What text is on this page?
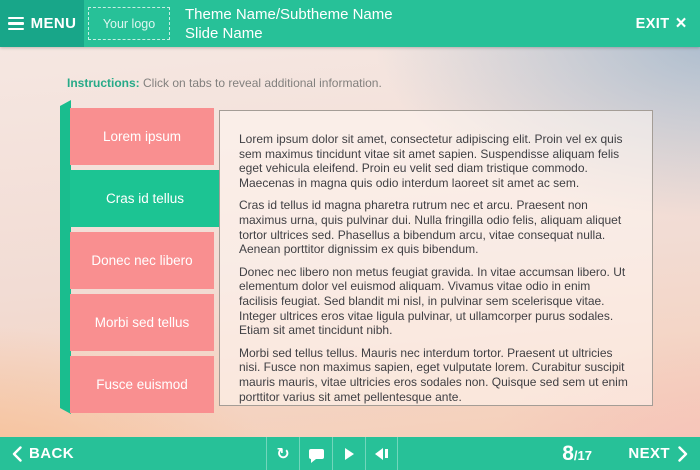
MENU Your logo
Theme Name/Subtheme Name
Slide Name
EXIT ×
Instructions: Click on tabs to reveal additional information.
Lorem ipsum
Cras id tellus
Donec nec libero
Morbi sed tellus
Fusce euismod

Lorem ipsum dolor sit amet, consectetur adipiscing elit. Proin vel ex quis sem maximus tincidunt vitae sit amet sapien. Suspendisse aliquam felis eget vehicula eleifend. Proin eu velit sed diam tristique commodo. Maecenas in magna quis odio interdum laoreet sit amet ac sem.

Cras id tellus id magna pharetra rutrum nec et arcu. Praesent non maximus urna, quis pulvinar dui. Nulla fringilla odio felis, aliquam aliquet tortor ultrices sed. Phasellus a bibendum arcu, vitae consequat nulla. Aenean porttitor dignissim ex quis bibendum.

Donec nec libero non metus feugiat gravida. In vitae accumsan libero. Ut elementum dolor vel euismod aliquam. Vivamus vitae odio in enim facilisis feugiat. Sed blandit mi nisl, in pulvinar sem scelerisque vitae. Integer ultrices eros vitae ligula pulvinar, ut ullamcorper purus sodales. Etiam sit amet tincidunt nibh.

Morbi sed tellus tellus. Mauris nec interdum tortor. Praesent ut ultricies nisi. Fusce non maximus sapien, eget vulputate lorem. Curabitur suscipit mauris mauris, vitae ultricies eros sodales non. Quisque sed sem ut enim porttitor varius sit amet pellentesque ante.

BACK	↻	8 /17 NEXT
